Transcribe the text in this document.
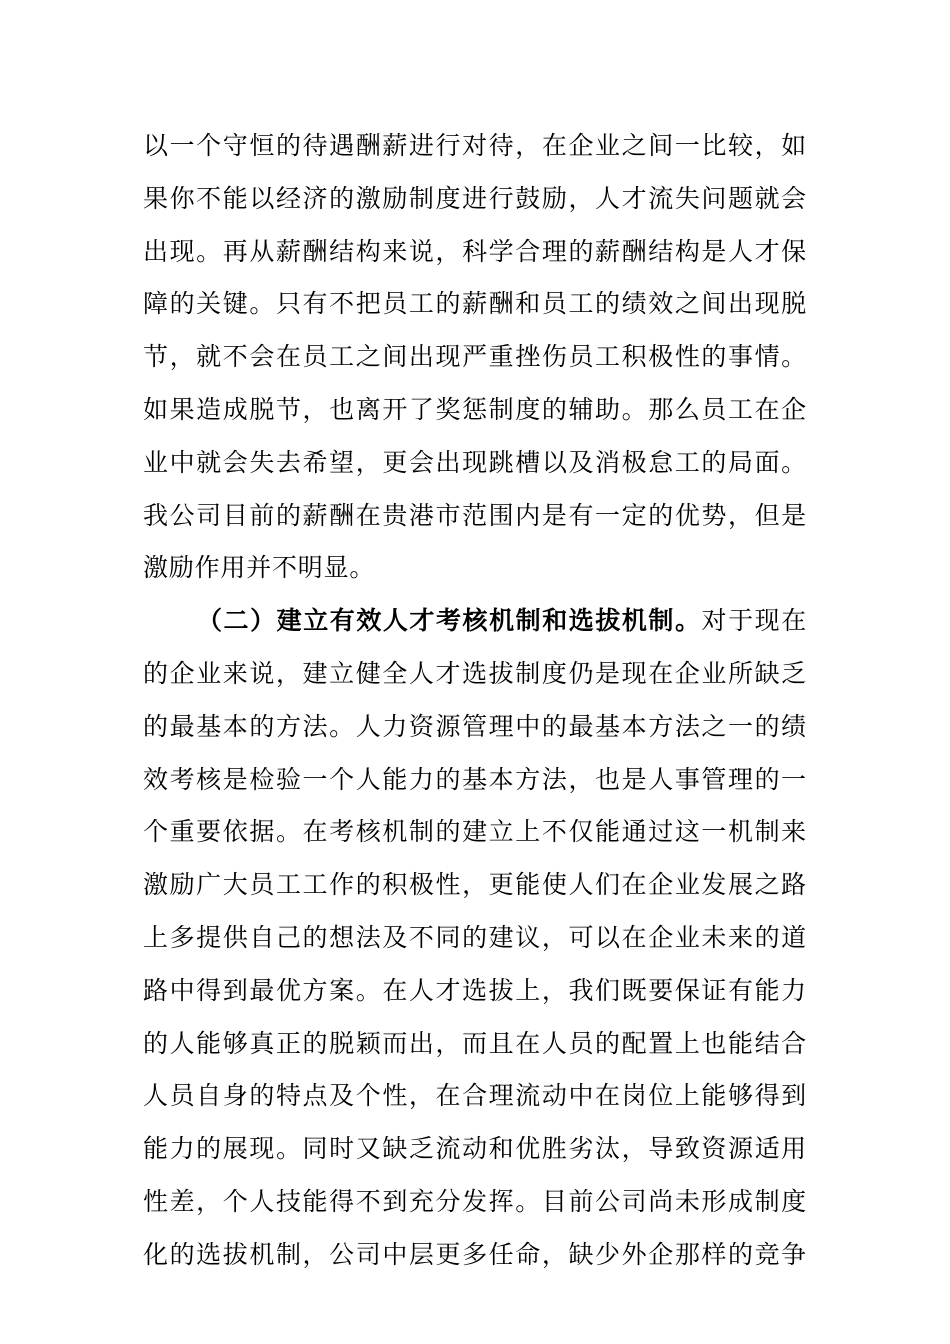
以一个守恒的待遇酬薪进行对待，在企业之间一比较，如
果你不能以经济的激励制度进行鼓励，人才流失问题就会
出现。再从薪酬结构来说，科学合理的薪酬结构是人才保
障的关键。只有不把员工的薪酬和员工的绩效之间出现脱
节，就不会在员工之间出现严重挫伤员工积极性的事情。
如果造成脱节，也离开了奖惩制度的辅助。那么员工在企
业中就会失去希望，更会出现跳槽以及消极怠工的局面。
我公司目前的薪酬在贵港市范围内是有一定的优势，但是
激励作用并不明显。
（二）建立有效人才考核机制和选拔机制。对于现在
的企业来说，建立健全人才选拔制度仍是现在企业所缺乏
的最基本的方法。人力资源管理中的最基本方法之一的绩
效考核是检验一个人能力的基本方法，也是人事管理的一
个重要依据。在考核机制的建立上不仅能通过这一机制来
激励广大员工工作的积极性，更能使人们在企业发展之路
上多提供自己的想法及不同的建议，可以在企业未来的道
路中得到最优方案。在人才选拔上，我们既要保证有能力
的人能够真正的脱颖而出，而且在人员的配置上也能结合
人员自身的特点及个性，在合理流动中在岗位上能够得到
能力的展现。同时又缺乏流动和优胜劣汰，导致资源适用
性差，个人技能得不到充分发挥。目前公司尚未形成制度
化的选拔机制，公司中层更多任命，缺少外企那样的竞争
